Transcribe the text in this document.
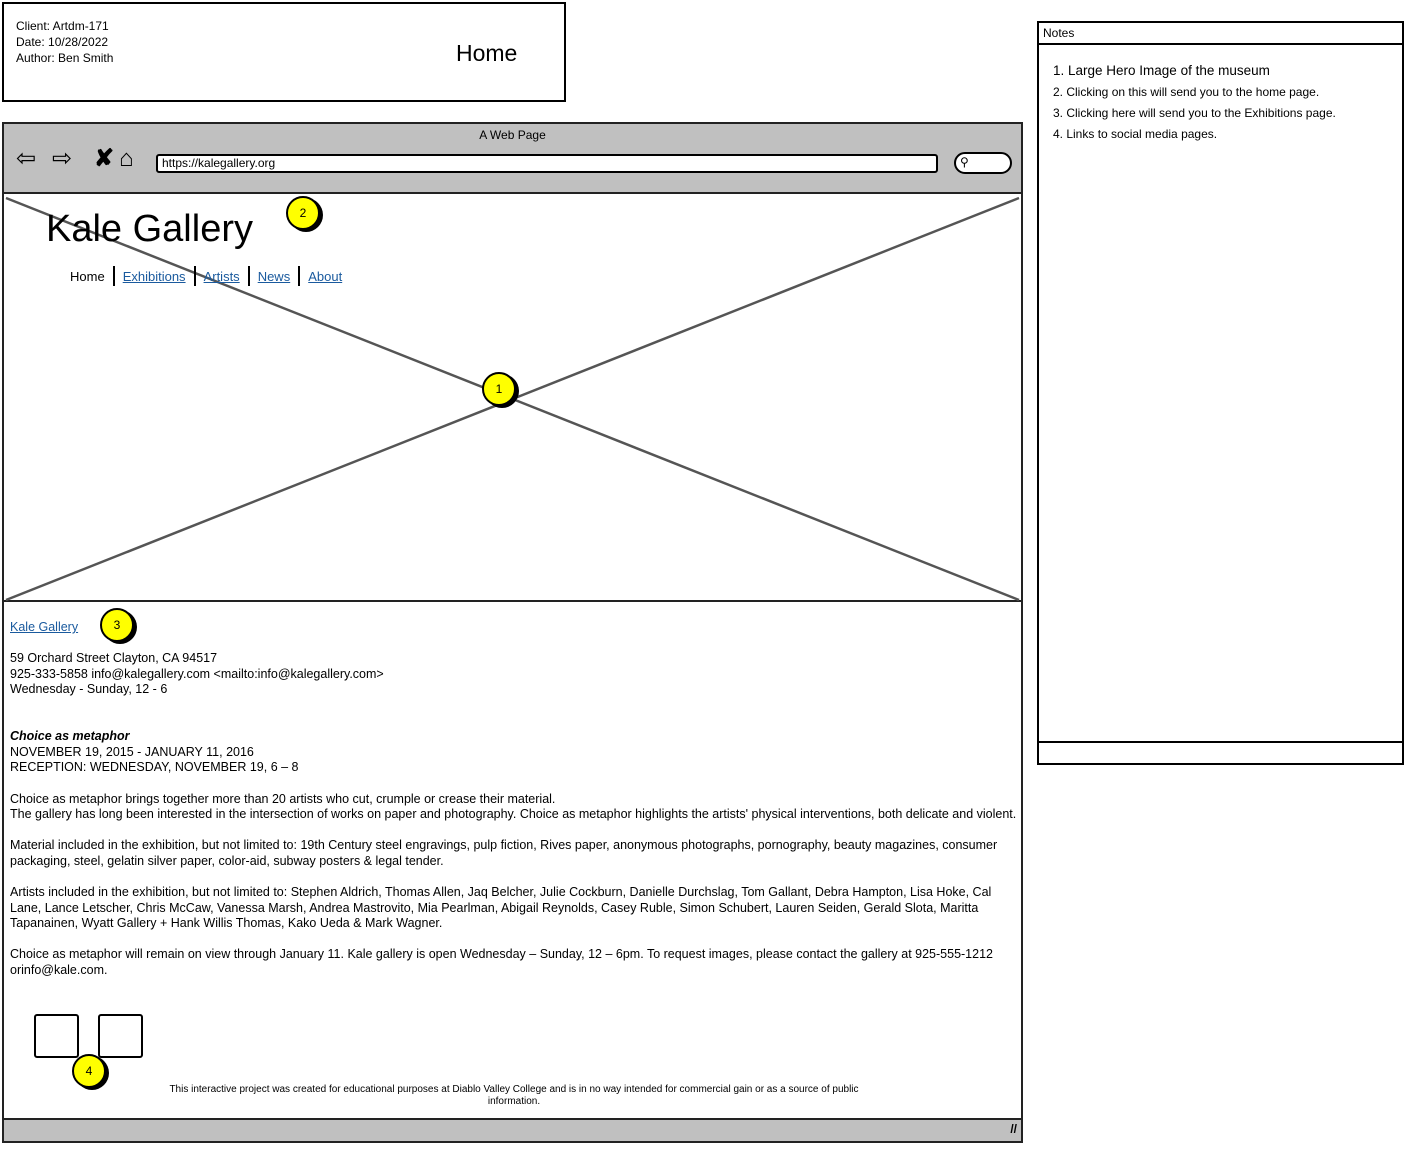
Client: Artdm-171
Date: 10/28/2022
Author: Ben Smith	Home
A Web Page
⇦ ⇨ ✘ ⌂	https://kalegallery.org	⚲
Kale Gallery
Home	Exhibitions	Artists	News	About
1
2

Kale Gallery

59 Orchard Street Clayton, CA 94517
925-333-5858 info@kalegallery.com <mailto:info@kalegallery.com>

Wednesday - Sunday, 12 - 6

Choice as metaphor
NOVEMBER 19, 2015 - JANUARY 11, 2016

RECEPTION: WEDNESDAY, NOVEMBER 19, 6 – 8

Choice as metaphor brings together more than 20 artists who cut, crumple or crease their material.

The gallery has long been interested in the intersection of works on paper and photography. Choice as metaphor highlights the artists' physical interventions, both delicate and violent.

Material included in the exhibition, but not limited to: 19th Century steel engravings, pulp fiction, Rives paper, anonymous photographs, pornography, beauty magazines, consumer packaging, steel, gelatin silver paper, color-aid, subway posters & legal tender.

Artists included in the exhibition, but not limited to: Stephen Aldrich, Thomas Allen, Jaq Belcher, Julie Cockburn, Danielle Durchslag, Tom Gallant, Debra Hampton, Lisa Hoke, Cal Lane, Lance Letscher, Chris McCaw, Vanessa Marsh, Andrea Mastrovito, Mia Pearlman, Abigail Reynolds, Casey Ruble, Simon Schubert, Lauren Seiden, Gerald Slota, Maritta Tapanainen, Wyatt Gallery + Hank Willis Thomas, Kako Ueda & Mark Wagner.

Choice as metaphor will remain on view through January 11. Kale gallery is open Wednesday – Sunday, 12 – 6pm. To request images, please contact the gallery at 925-555-1212 orinfo@kale.com.

3
4
This interactive project was created for educational purposes at Diablo Valley College and is in no way intended for commercial gain or as a source of public information.
//
Notes

1. Large Hero Image of the museum

2. Clicking on this will send you to the home page.

3. Clicking here will send you to the Exhibitions page.

4. Links to social media pages.
